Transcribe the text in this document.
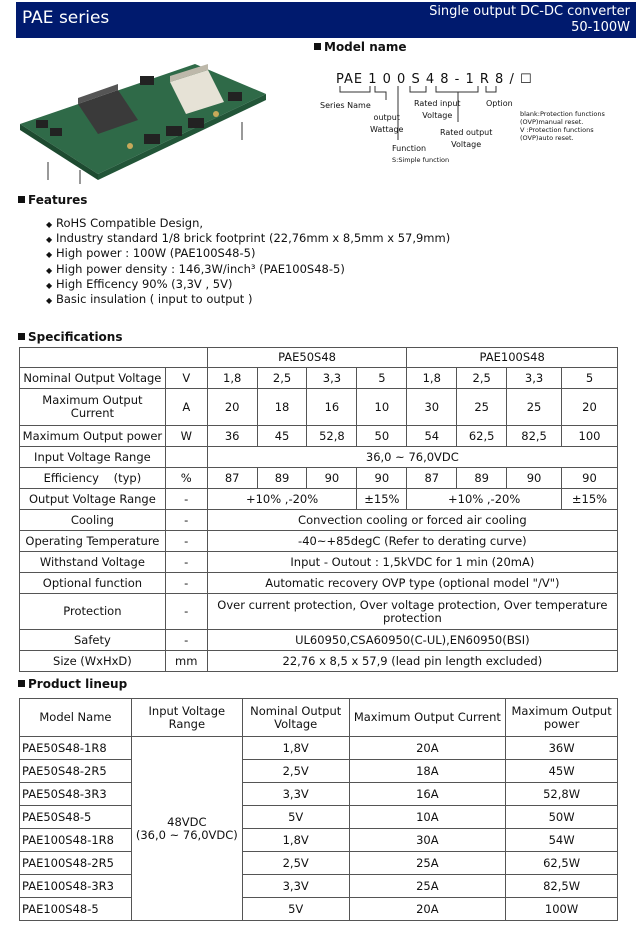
PAE series	Single output DC-DC converter
50-100W
Model name
PAE 1 0 0 S 4 8 - 1 R 8 / ☐
Series Name
output
Wattage
Function
S:Simple function
Rated input
Voltage
Rated output
Voltage
Option
blank:Protection functions
(OVP)manual reset.
V :Protection functions
(OVP)auto reset.
Features
◆ RoHS Compatible Design,
◆ Industry standard 1/8 brick footprint (22,76mm x 8,5mm x 57,9mm)
◆ High power : 100W (PAE100S48-5)
◆ High power density : 146,3W/inch³ (PAE100S48-5)
◆ High Efficency 90% (3,3V , 5V)
◆ Basic insulation ( input to output )
Specifications
		PAE50S48				PAE100S48			
Nominal Output Voltage	V	1,8	2,5	3,3	5	1,8	2,5	3,3	5
Maximum Output Current	A	20	18	16	10	30	25	25	20
Maximum Output power	W	36	45	52,8	50	54	62,5	82,5	100
Input Voltage Range		36,0 ~ 76,0VDC							
Efficiency    (typ)	%	87	89	90	90	87	89	90	90
Output Voltage Range	-	+10% ,-20%			±15%	+10% ,-20%			±15%
Cooling	-	Convection cooling or forced air cooling							
Operating Temperature	-	-40~+85degC (Refer to derating curve)							
Withstand Voltage	-	Input - Outout : 1,5kVDC for 1 min (20mA)							
Optional function	-	Automatic recovery OVP type (optional model "/V")							
Protection	-	Over current protection, Over voltage protection, Over temperature protection							
Safety	-	UL60950,CSA60950(C-UL),EN60950(BSI)							
Size (WxHxD)	mm	22,76 x 8,5 x 57,9 (lead pin length excluded)							
Product lineup
Model Name	Input Voltage Range	Nominal Output Voltage	Maximum Output Current	Maximum Output power
PAE50S48-1R8	48VDC
(36,0 ~ 76,0VDC)	1,8V	20A	36W
PAE50S48-2R5		2,5V	18A	45W
PAE50S48-3R3		3,3V	16A	52,8W
PAE50S48-5		5V	10A	50W
PAE100S48-1R8		1,8V	30A	54W
PAE100S48-2R5		2,5V	25A	62,5W
PAE100S48-3R3		3,3V	25A	82,5W
PAE100S48-5		5V	20A	100W
